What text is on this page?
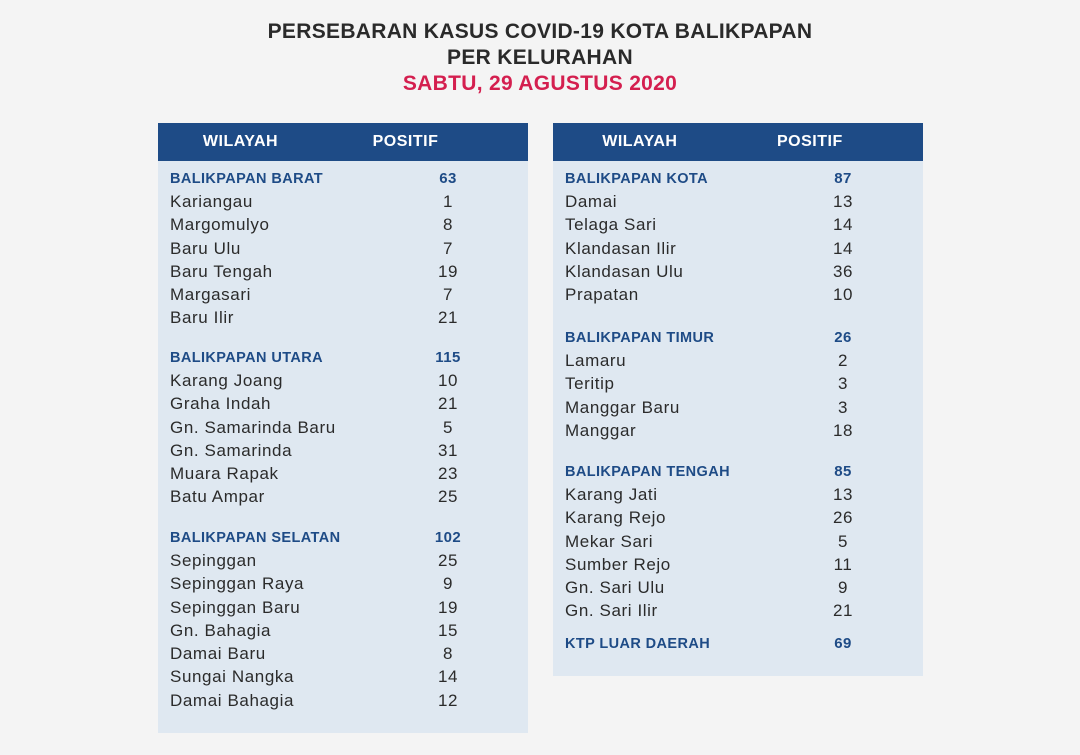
PERSEBARAN KASUS COVID-19 KOTA BALIKPAPAN
PER KELURAHAN
SABTU, 29 AGUSTUS 2020
WILAYAH	POSITIF
BALIKPAPAN BARAT	63
Kariangau	1
Margomulyo	8
Baru Ulu	7
Baru Tengah	19
Margasari	7
Baru Ilir	21
BALIKPAPAN UTARA	115
Karang Joang	10
Graha Indah	21
Gn. Samarinda Baru	5
Gn. Samarinda	31
Muara Rapak	23
Batu Ampar	25
BALIKPAPAN SELATAN	102
Sepinggan	25
Sepinggan Raya	9
Sepinggan Baru	19
Gn. Bahagia	15
Damai Baru	8
Sungai Nangka	14
Damai Bahagia	12
WILAYAH	POSITIF
BALIKPAPAN KOTA	87
Damai	13
Telaga Sari	14
Klandasan Ilir	14
Klandasan Ulu	36
Prapatan	10
BALIKPAPAN TIMUR	26
Lamaru	2
Teritip	3
Manggar Baru	3
Manggar	18
BALIKPAPAN TENGAH	85
Karang Jati	13
Karang Rejo	26
Mekar Sari	5
Sumber Rejo	11
Gn. Sari Ulu	9
Gn. Sari Ilir	21
KTP LUAR DAERAH	69
